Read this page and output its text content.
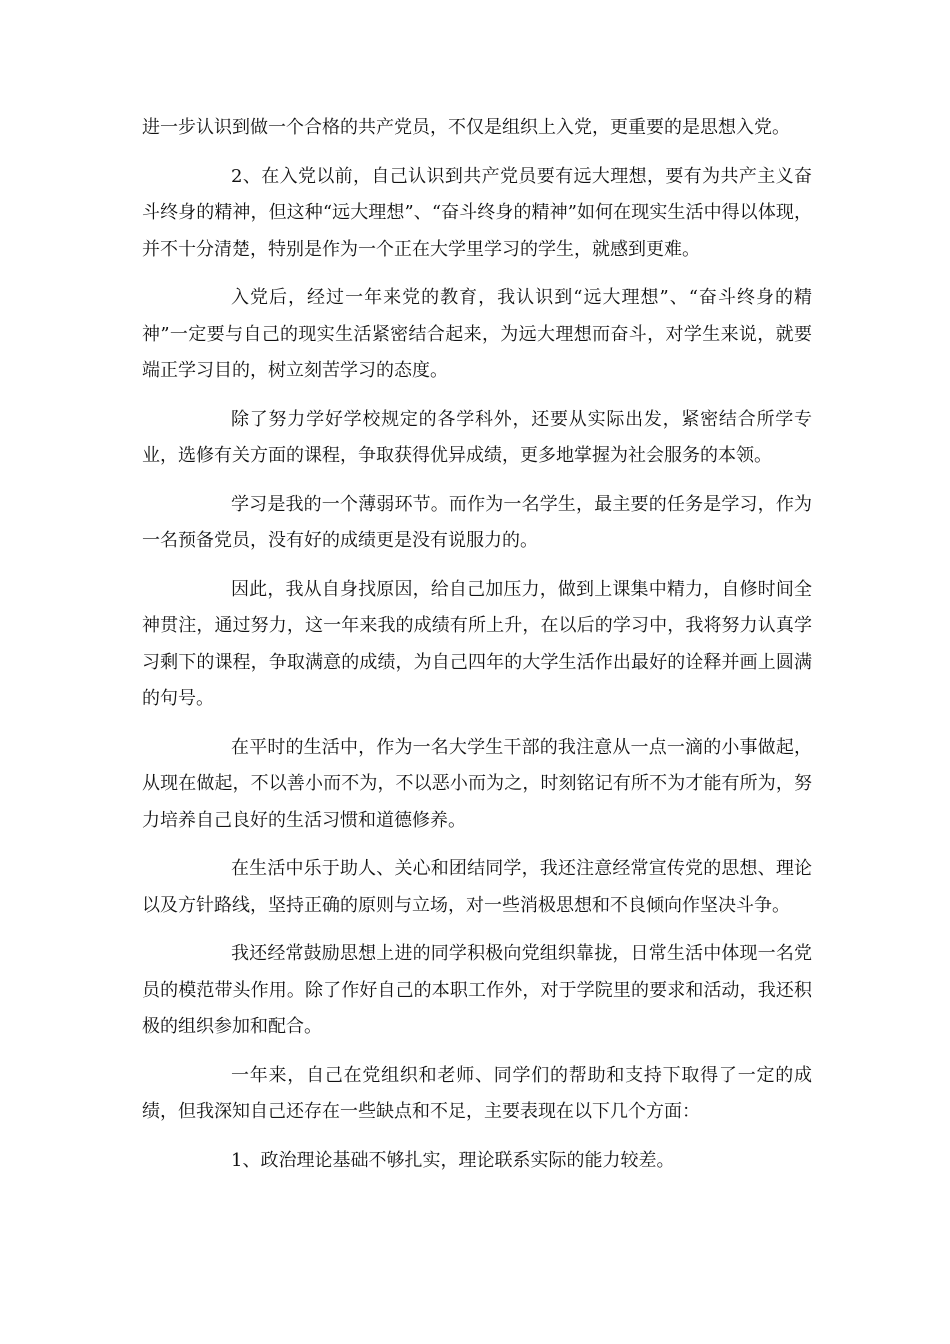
进一步认识到做一个合格的共产党员，不仅是组织上入党，更重要的是思想入党。

2、在入党以前，自己认识到共产党员要有远大理想，要有为共产主义奋斗终身的精神，但这种“远大理想”、“奋斗终身的精神”如何在现实生活中得以体现，并不十分清楚，特别是作为一个正在大学里学习的学生，就感到更难。

入党后，经过一年来党的教育，我认识到“远大理想”、“奋斗终身的精神”一定要与自己的现实生活紧密结合起来，为远大理想而奋斗，对学生来说，就要端正学习目的，树立刻苦学习的态度。

除了努力学好学校规定的各学科外，还要从实际出发，紧密结合所学专业，选修有关方面的课程，争取获得优异成绩，更多地掌握为社会服务的本领。

学习是我的一个薄弱环节。而作为一名学生，最主要的任务是学习，作为一名预备党员，没有好的成绩更是没有说服力的。

因此，我从自身找原因，给自己加压力，做到上课集中精力，自修时间全神贯注，通过努力，这一年来我的成绩有所上升，在以后的学习中，我将努力认真学习剩下的课程，争取满意的成绩，为自己四年的大学生活作出最好的诠释并画上圆满的句号。

在平时的生活中，作为一名大学生干部的我注意从一点一滴的小事做起，从现在做起，不以善小而不为，不以恶小而为之，时刻铭记有所不为才能有所为，努力培养自己良好的生活习惯和道德修养。

在生活中乐于助人、关心和团结同学，我还注意经常宣传党的思想、理论以及方针路线，坚持正确的原则与立场，对一些消极思想和不良倾向作坚决斗争。

我还经常鼓励思想上进的同学积极向党组织靠拢，日常生活中体现一名党员的模范带头作用。除了作好自己的本职工作外，对于学院里的要求和活动，我还积极的组织参加和配合。

一年来，自己在党组织和老师、同学们的帮助和支持下取得了一定的成绩，但我深知自己还存在一些缺点和不足，主要表现在以下几个方面：

1、政治理论基础不够扎实，理论联系实际的能力较差。
